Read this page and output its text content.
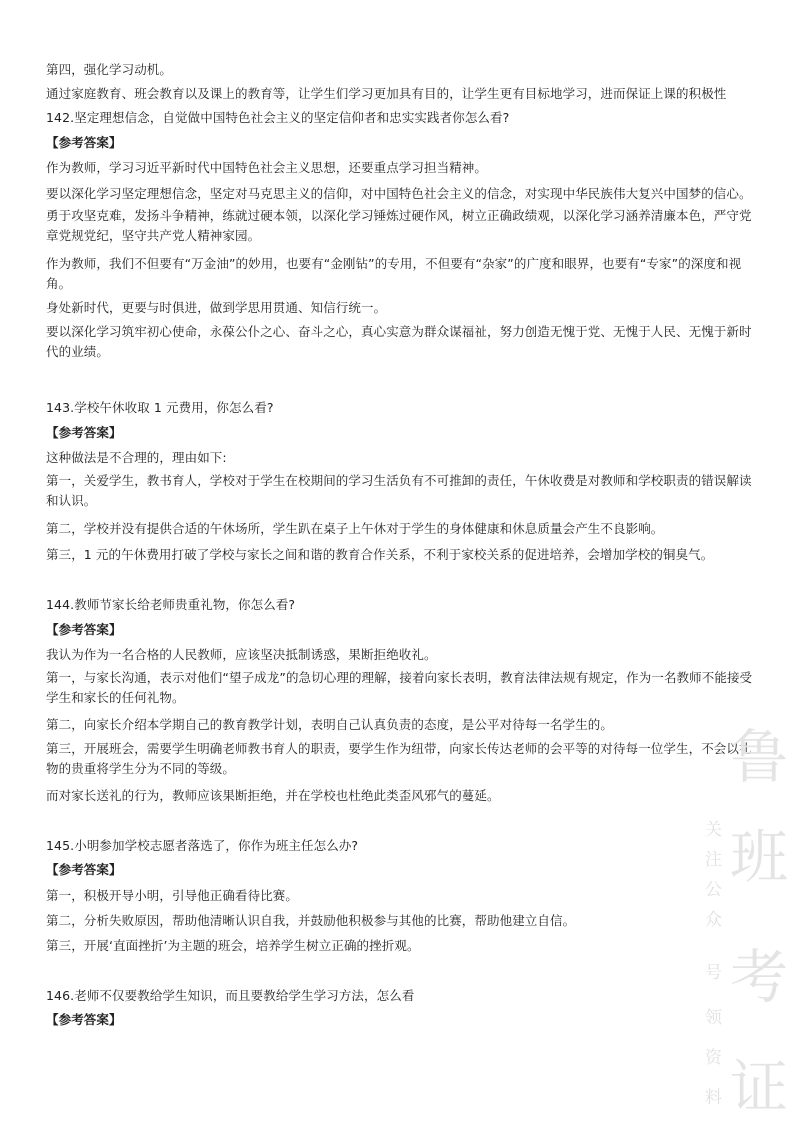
第四，强化学习动机。
通过家庭教育、班会教育以及课上的教育等，让学生们学习更加具有目的，让学生更有目标地学习，进而保证上课的积极性
142.坚定理想信念，自觉做中国特色社会主义的坚定信仰者和忠实实践者你怎么看?
【参考答案】
作为教师，学习习近平新时代中国特色社会主义思想，还要重点学习担当精神。
要以深化学习坚定理想信念，坚定对马克思主义的信仰，对中国特色社会主义的信念，对实现中华民族伟大复兴中国梦的信心。
勇于攻坚克难，发扬斗争精神，练就过硬本领，以深化学习锤炼过硬作风，树立正确政绩观，以深化学习涵养清廉本色，严守党章党规党纪，坚守共产党人精神家园。
作为教师，我们不但要有“万金油”的妙用，也要有“金刚钻”的专用，不但要有“杂家”的广度和眼界，也要有“专家”的深度和视角。
身处新时代，更要与时俱进，做到学思用贯通、知信行统一。
要以深化学习筑牢初心使命，永葆公仆之心、奋斗之心，真心实意为群众谋福祉，努力创造无愧于党、无愧于人民、无愧于新时代的业绩。
143.学校午休收取 1 元费用，你怎么看?
【参考答案】
这种做法是不合理的，理由如下:
第一，关爱学生，教书育人，学校对于学生在校期间的学习生活负有不可推卸的责任，午休收费是对教师和学校职责的错误解读和认识。
第二，学校并没有提供合适的午休场所，学生趴在桌子上午休对于学生的身体健康和休息质量会产生不良影响。
第三，1 元的午休费用打破了学校与家长之间和谐的教育合作关系，不利于家校关系的促进培养，会增加学校的铜臭气。
144.教师节家长给老师贵重礼物，你怎么看?
【参考答案】
我认为作为一名合格的人民教师，应该坚决抵制诱惑，果断拒绝收礼。
第一，与家长沟通，表示对他们“望子成龙”的急切心理的理解，接着向家长表明，教育法律法规有规定，作为一名教师不能接受学生和家长的任何礼物。
第二，向家长介绍本学期自己的教育教学计划，表明自己认真负责的态度，是公平对待每一名学生的。
第三，开展班会，需要学生明确老师教书育人的职责，要学生作为纽带，向家长传达老师的会平等的对待每一位学生，不会以礼物的贵重将学生分为不同的等级。
而对家长送礼的行为，教师应该果断拒绝，并在学校也杜绝此类歪风邪气的蔓延。
145.小明参加学校志愿者落选了，你作为班主任怎么办?
【参考答案】
第一，积极开导小明，引导他正确看待比赛。
第二，分析失败原因，帮助他清晰认识自我，并鼓励他积极参与其他的比赛，帮助他建立自信。
第三，开展‘直面挫折’为主题的班会，培养学生树立正确的挫折观。
146.老师不仅要教给学生知识，而且要教给学生学习方法，怎么看
【参考答案】
鲁
班
考
证
关
注
公
众
号
领
资
料
